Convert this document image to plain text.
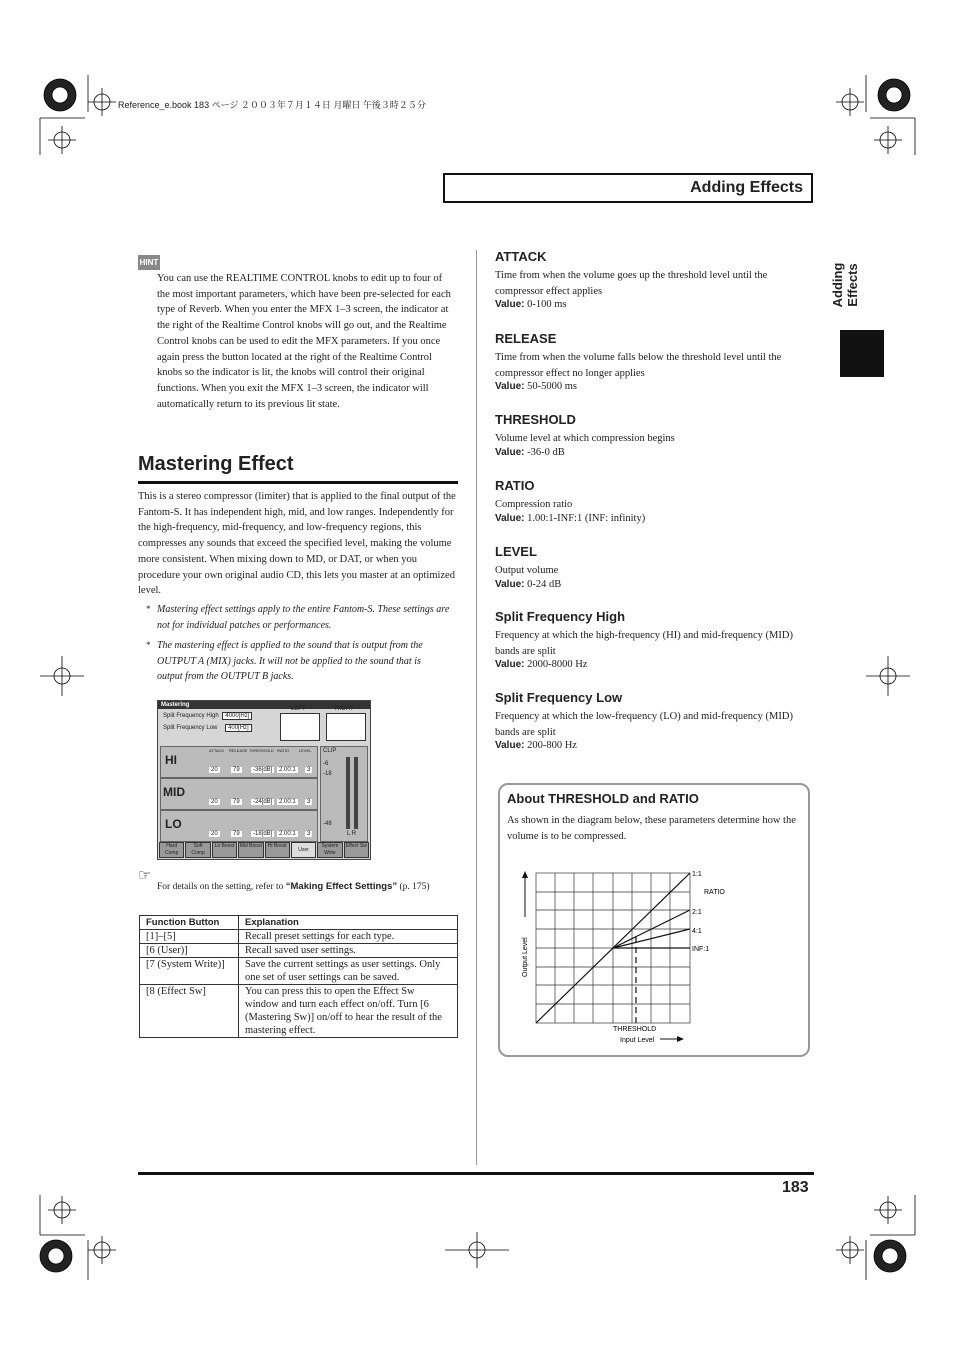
Reference_e.book 183 ページ ２００３年７月１４日 月曜日 午後３時２５分
Adding Effects
Adding Effects
HINT

You can use the REALTIME CONTROL knobs to edit up to four of the most important parameters, which have been pre-selected for each type of Reverb. When you enter the MFX 1–3 screen, the indicator at the right of the Realtime Control knobs will go out, and the Realtime Control knobs can be used to edit the MFX parameters. If you once again press the button located at the right of the Realtime Control knobs so the indicator is lit, the knobs will control their original functions. When you exit the MFX 1–3 screen, the indicator will automatically return to its previous lit state.

Mastering Effect

This is a stereo compressor (limiter) that is applied to the final output of the Fantom-S. It has independent high, mid, and low ranges. Independently for the high-frequency, mid-frequency, and low-frequency regions, this compresses any sounds that exceed the specified level, making the volume more consistent. When mixing down to MD, or DAT, or when you procedure your own original audio CD, this lets you master at an optimized level.

* Mastering effect settings apply to the entire Fantom-S. These settings are not for individual patches or performances.

* The mastering effect is applied to the sound that is output from the OUTPUT A (MIX) jacks. It will not be applied to the sound that is output from the OUTPUT B jacks.

Mastering
Split Frequency High 4000[Hz]
Split Frequency Low 400[Hz]
LEFT	RIGHT
HI
ATTACK RELEASE THRESHOLD RATIO	LEVEL
20	79	-36[dB]	2.00:1	3
MID
20	79	-24[dB]	2.00:1	3
LO
20	79	-18[dB]	2.00:1	3
CLIP
-6
-18
-48
L R
Hard Comp
Soft Comp
Lo Boost	Mid Boost	Hi Boost
User
System Write
Effect Sw
☞
For details on the setting, refer to “Making Effect Settings” (p. 175)
Function Button	Explanation
[1]–[5]	Recall preset settings for each type.
[6 (User)]	Recall saved user settings.
[7 (System Write)]	Save the current settings as user settings. Only one set of user settings can be saved.
[8 (Effect Sw]	You can press this to open the Effect Sw window and turn each effect on/off. Turn [6 (Mastering Sw)] on/off to hear the result of the mastering effect.

ATTACK

Time from when the volume goes up the threshold level until the compressor effect applies

Value: 0-100 ms

RELEASE

Time from when the volume falls below the threshold level until the compressor effect no longer applies

Value: 50-5000 ms

THRESHOLD

Volume level at which compression begins

Value: -36-0 dB

RATIO

Compression ratio

Value: 1.00:1-INF:1 (INF: infinity)

LEVEL

Output volume

Value: 0-24 dB

Split Frequency High

Frequency at which the high-frequency (HI) and mid-frequency (MID) bands are split

Value: 2000-8000 Hz

Split Frequency Low

Frequency at which the low-frequency (LO) and mid-frequency (MID) bands are split

Value: 200-800 Hz
About THRESHOLD and RATIO

As shown in the diagram below, these parameters determine how the volume is to be compressed.

Output Level
Input Level
THRESHOLD
RATIO
1:1
2:1
4:1
INF:1
183
